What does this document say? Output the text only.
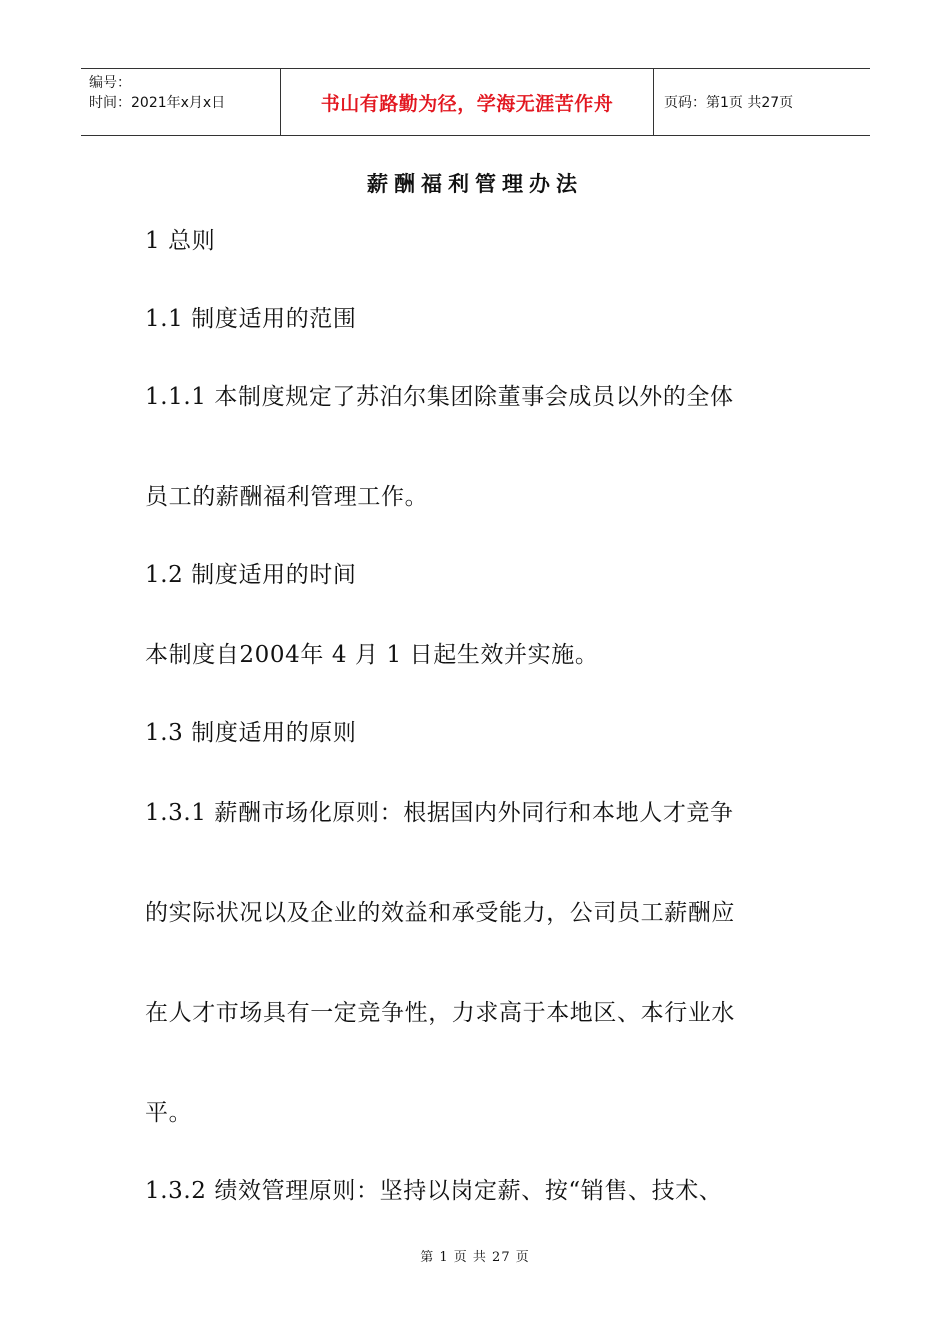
编号：
时间：2021年x月x日	书山有路勤为径，学海无涯苦作舟	页码：第1页 共27页
薪酬福利管理办法
1 总则
1.1 制度适用的范围
1.1.1 本制度规定了苏泊尔集团除董事会成员以外的全体
员工的薪酬福利管理工作。
1.2 制度适用的时间
本制度自2004年 4 月 1 日起生效并实施。
1.3 制度适用的原则
1.3.1 薪酬市场化原则：根据国内外同行和本地人才竞争
的实际状况以及企业的效益和承受能力，公司员工薪酬应
在人才市场具有一定竞争性，力求高于本地区、本行业水
平。
1.3.2 绩效管理原则：坚持以岗定薪、按“销售、技术、
第 1 页 共 27 页
